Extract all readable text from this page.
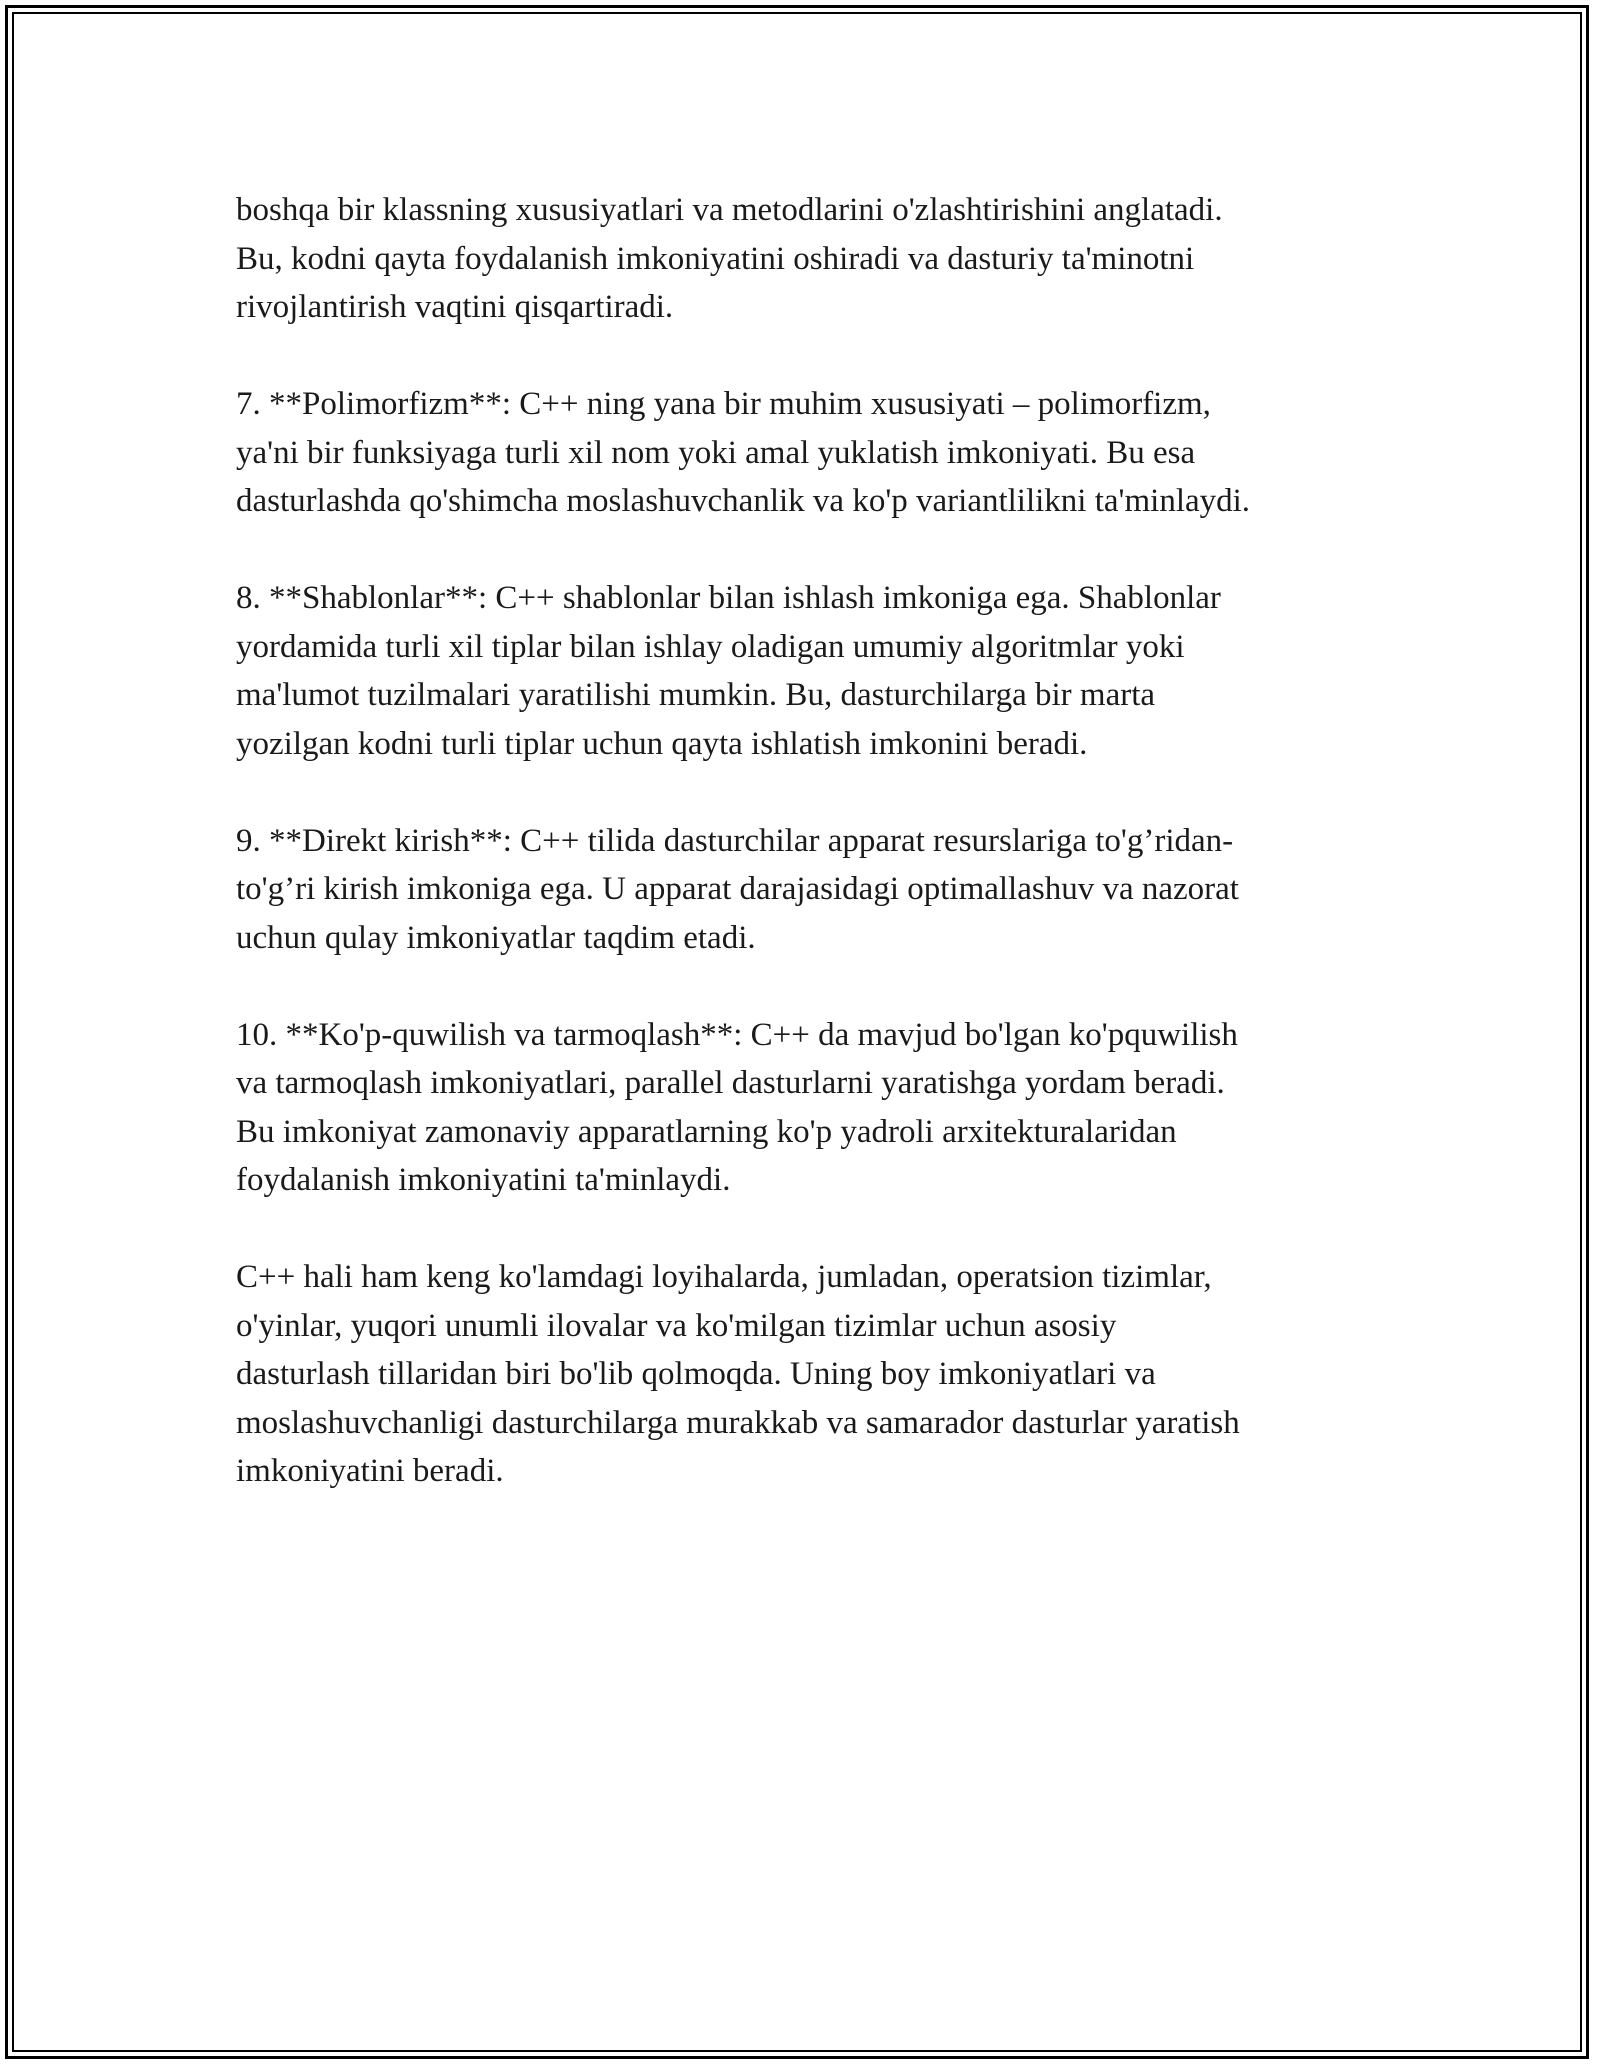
boshqa bir klassning xususiyatlari va metodlarini o'zlashtirishini anglatadi.
Bu, kodni qayta foydalanish imkoniyatini oshiradi va dasturiy ta'minotni
rivojlantirish vaqtini qisqartiradi.

7. **Polimorfizm**: C++ ning yana bir muhim xususiyati – polimorfizm,
ya'ni bir funksiyaga turli xil nom yoki amal yuklatish imkoniyati. Bu esa
dasturlashda qo'shimcha moslashuvchanlik va ko'p variantlilikni ta'minlaydi.

8. **Shablonlar**: C++ shablonlar bilan ishlash imkoniga ega. Shablonlar
yordamida turli xil tiplar bilan ishlay oladigan umumiy algoritmlar yoki
ma'lumot tuzilmalari yaratilishi mumkin. Bu, dasturchilarga bir marta
yozilgan kodni turli tiplar uchun qayta ishlatish imkonini beradi.

9. **Direkt kirish**: C++ tilida dasturchilar apparat resurslariga to'g’ridan-
to'g’ri kirish imkoniga ega. U apparat darajasidagi optimallashuv va nazorat
uchun qulay imkoniyatlar taqdim etadi.

10. **Ko'p-quwilish va tarmoqlash**: C++ da mavjud bo'lgan ko'pquwilish
va tarmoqlash imkoniyatlari, parallel dasturlarni yaratishga yordam beradi.
Bu imkoniyat zamonaviy apparatlarning ko'p yadroli arxitekturalaridan
foydalanish imkoniyatini ta'minlaydi.

C++ hali ham keng ko'lamdagi loyihalarda, jumladan, operatsion tizimlar,
o'yinlar, yuqori unumli ilovalar va ko'milgan tizimlar uchun asosiy
dasturlash tillaridan biri bo'lib qolmoqda. Uning boy imkoniyatlari va
moslashuvchanligi dasturchilarga murakkab va samarador dasturlar yaratish
imkoniyatini beradi.
